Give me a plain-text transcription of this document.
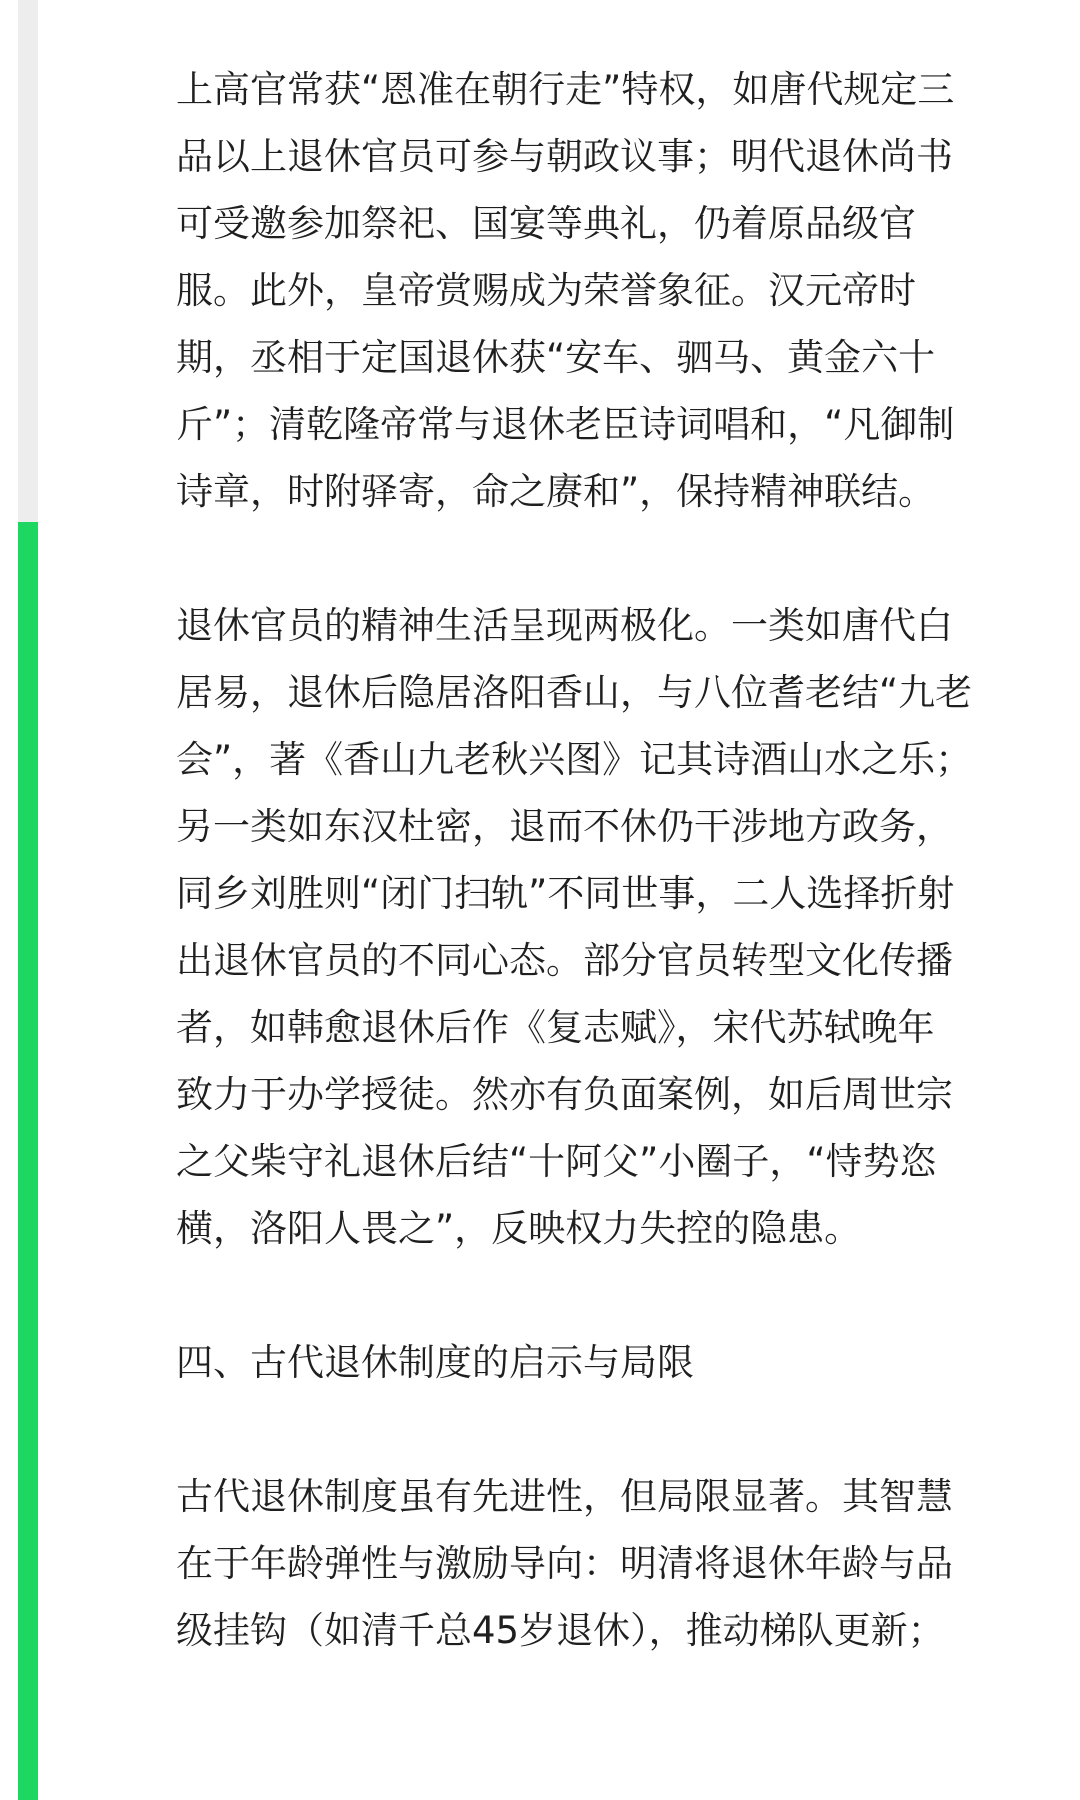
上高官常获“恩准在朝行走”特权，如唐代规定三
品以上退休官员可参与朝政议事；明代退休尚书
可受邀参加祭祀、国宴等典礼，仍着原品级官
服。此外，皇帝赏赐成为荣誉象征。汉元帝时
期，丞相于定国退休获“安车、驷马、黄金六十
斤”；清乾隆帝常与退休老臣诗词唱和，“凡御制
诗章，时附驿寄，命之赓和”，保持精神联结。

退休官员的精神生活呈现两极化。一类如唐代白
居易，退休后隐居洛阳香山，与八位耆老结“九老
会”，著《香山九老秋兴图》记其诗酒山水之乐；
另一类如东汉杜密，退而不休仍干涉地方政务，
同乡刘胜则“闭门扫轨”不同世事，二人选择折射
出退休官员的不同心态。部分官员转型文化传播
者，如韩愈退休后作《复志赋》，宋代苏轼晚年
致力于办学授徒。然亦有负面案例，如后周世宗
之父柴守礼退休后结“十阿父”小圈子，“恃势恣
横，洛阳人畏之”，反映权力失控的隐患。

四、古代退休制度的启示与局限

古代退休制度虽有先进性，但局限显著。其智慧
在于年龄弹性与激励导向：明清将退休年龄与品
级挂钩（如清千总45岁退休），推动梯队更新；
